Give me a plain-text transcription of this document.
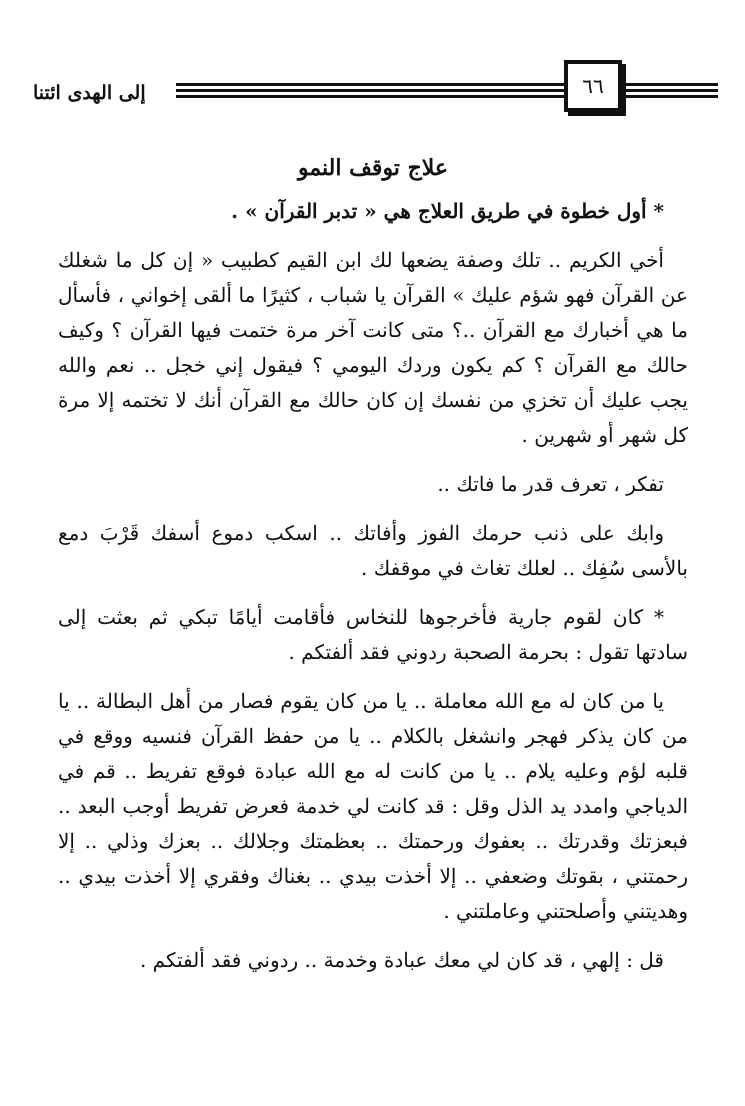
إلى الهدى ائتنا	٦٦
علاج توقف النمو

* أول خطوة في طريق العلاج هي « تدبر القرآن » .

أخي الكريم .. تلك وصفة يضعها لك ابن القيم كطبيب « إن كل ما شغلك عن القرآن فهو شؤم عليك » القرآن يا شباب ، كثيرًا ما ألقى إخواني ، فأسأل ما هي أخبارك مع القرآن ..؟ متى كانت آخر مرة ختمت فيها القرآن ؟ وكيف حالك مع القرآن ؟ كم يكون وردك اليومي ؟ فيقول إني خجل .. نعم والله يجب عليك أن تخزي من نفسك إن كان حالك مع القرآن أنك لا تختمه إلا مرة كل شهر أو شهرين .

تفكر ، تعرف قدر ما فاتك ..

وابك على ذنب حرمك الفوز وأفاتك .. اسكب دموع أسفك قَرْبَ دمع بالأسى سُفِك .. لعلك تغاث في موقفك .

* كان لقوم جارية فأخرجوها للنخاس فأقامت أيامًا تبكي ثم بعثت إلى سادتها تقول : بحرمة الصحبة ردوني فقد ألفتكم .

يا من كان له مع الله معاملة .. يا من كان يقوم فصار من أهل البطالة .. يا من كان يذكر فهجر وانشغل بالكلام .. يا من حفظ القرآن فنسيه ووقع في قلبه لؤم وعليه يلام .. يا من كانت له مع الله عبادة فوقع تفريط .. قم في الدياجي وامدد يد الذل وقل : قد كانت لي خدمة فعرض تفريط أوجب البعد .. فبعزتك وقدرتك .. بعفوك ورحمتك .. بعظمتك وجلالك .. بعزك وذلي .. إلا رحمتني ، بقوتك وضعفي .. إلا أخذت بيدي .. بغناك وفقري إلا أخذت بيدي .. وهديتني وأصلحتني وعاملتني .

قل : إلهي ، قد كان لي معك عبادة وخدمة .. ردوني فقد ألفتكم .
